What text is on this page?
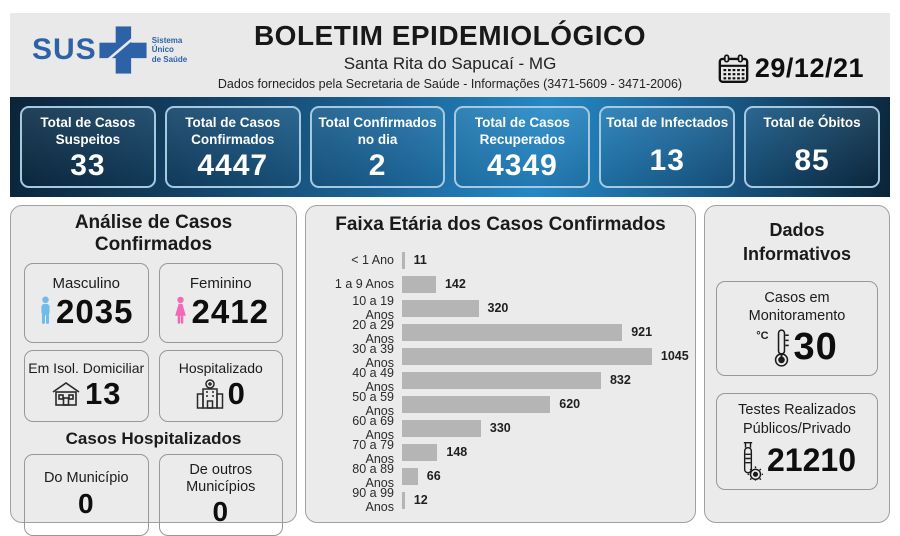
SUS	Sistema
Único
de Saúde
BOLETIM EPIDEMIOLÓGICO
Santa Rita do Sapucaí - MG
Dados fornecidos pela Secretaria de Saúde - Informações (3471-5609 - 3471-2006)
29/12/21
Total de Casos Suspeitos
33
Total de Casos Confirmados
4447
Total Confirmados no dia
2
Total de Casos Recuperados
4349
Total de Infectados
13
Total de Óbitos
85
Análise de Casos Confirmados
Masculino
2035
Feminino
2412
Em Isol. Domiciliar
13
Hospitalizado
0
Casos Hospitalizados
Do Município
0
De outros Municípios
0
Faixa Etária dos Casos Confirmados
< 1 Ano 11
1 a 9 Anos	142
10 a 19 Anos	320
20 a 29 Anos	921
30 a 39 Anos	1045
40 a 49 Anos	832
50 a 59 Anos	620
60 a 69 Anos	330
70 a 79 Anos	148
80 a 89 Anos	66
90 a 99 Anos 12
Dados Informativos
Casos em Monitoramento
°C 30
Testes Realizados Públicos/Privado
21210
